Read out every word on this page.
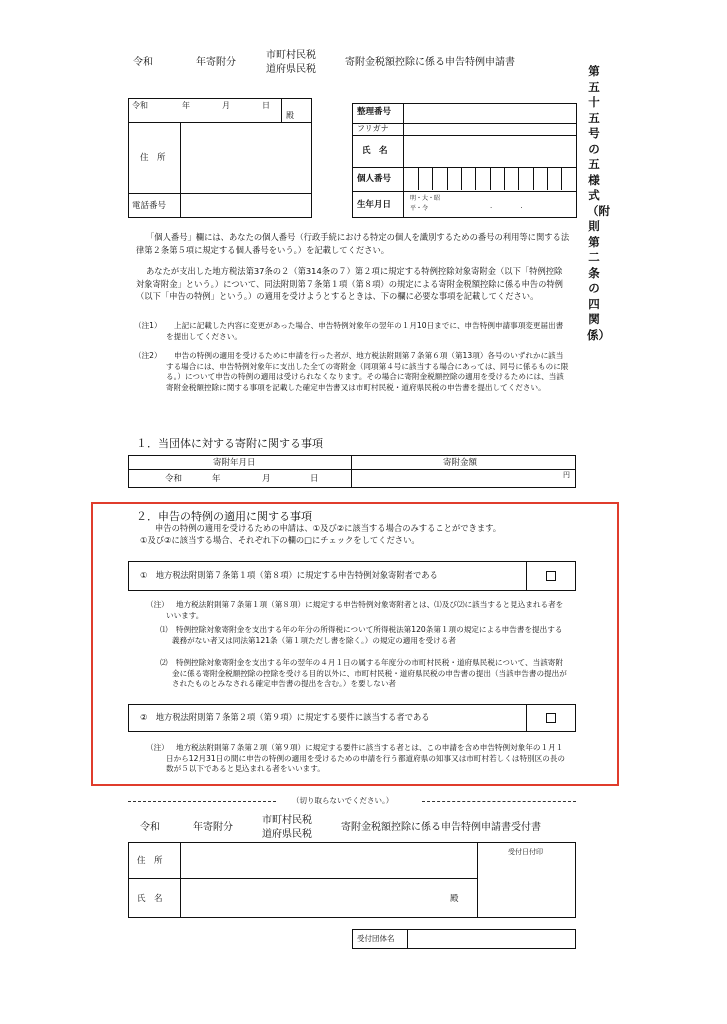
令和	年寄附分
市町村民税
道府県民税
寄附金税額控除に係る申告特例申請書
第五十五号の五様式（附則第二条の四関係）
令和	年	月	日
殿
住　所
電話番号
整理番号
フリガナ
氏　名
個人番号
生年月日
明・大・昭
平・令	.　　　　.
「個人番号」欄には、あなたの個人番号（行政手続における特定の個人を識別するための番号の利用等に関する法律第２条第５項に規定する個人番号をいう。）を記載してください。
あなたが支出した地方税法第37条の２（第314条の７）第２項に規定する特例控除対象寄附金（以下「特例控除対象寄附金」という。）について、同法附則第７条第１項（第８項）の規定による寄附金税額控除に係る申告の特例（以下「申告の特例」という。）の適用を受けようとするときは、下の欄に必要な事項を記載してください。
（注1）	上記に記載した内容に変更があった場合、申告特例対象年の翌年の１月10日までに、申告特例申請事項変更届出書を提出してください。
（注2）	申告の特例の適用を受けるために申請を行った者が、地方税法附則第７条第６項（第13項）各号のいずれかに該当する場合には、申告特例対象年に支出した全ての寄附金（同項第４号に該当する場合にあっては、同号に係るものに限る。）について申告の特例の適用は受けられなくなります。その場合に寄附金税額控除の適用を受けるためには、当該寄附金税額控除に関する事項を記載した確定申告書又は市町村民税・道府県民税の申告書を提出してください。
１．当団体に対する寄附に関する事項
寄附年月日	寄附金額
令和	年	月	日	円
２．申告の特例の適用に関する事項
申告の特例の適用を受けるための申請は、①及び②に該当する場合のみすることができます。
①及び②に該当する場合、それぞれ下の欄の□にチェックをしてください。
①　地方税法附則第７条第１項（第８項）に規定する申告特例対象寄附者である
（注） 地方税法附則第７条第１項（第８項）に規定する申告特例対象寄附者とは、⑴及び⑵に該当すると見込まれる者をいいます。
⑴	特例控除対象寄附金を支出する年の年分の所得税について所得税法第120条第１項の規定による申告書を提出する義務がない者又は同法第121条（第１項ただし書を除く。）の規定の適用を受ける者
⑵	特例控除対象寄附金を支出する年の翌年の４月１日の属する年度分の市町村民税・道府県民税について、当該寄附金に係る寄附金税額控除の控除を受ける目的以外に、市町村民税・道府県民税の申告書の提出（当該申告書の提出がされたものとみなされる確定申告書の提出を含む。）を要しない者
②　地方税法附則第７条第２項（第９項）に規定する要件に該当する者である
（注） 地方税法附則第７条第２項（第９項）に規定する要件に該当する者とは、この申請を含め申告特例対象年の１月１日から12月31日の間に申告の特例の適用を受けるための申請を行う都道府県の知事又は市町村若しくは特別区の長の数が５以下であると見込まれる者をいいます。
（切り取らないでください。）
令和	年寄附分
市町村民税
道府県民税
寄附金税額控除に係る申告特例申請書受付書
住　所
氏　名	殿
受付日付印
受付団体名
